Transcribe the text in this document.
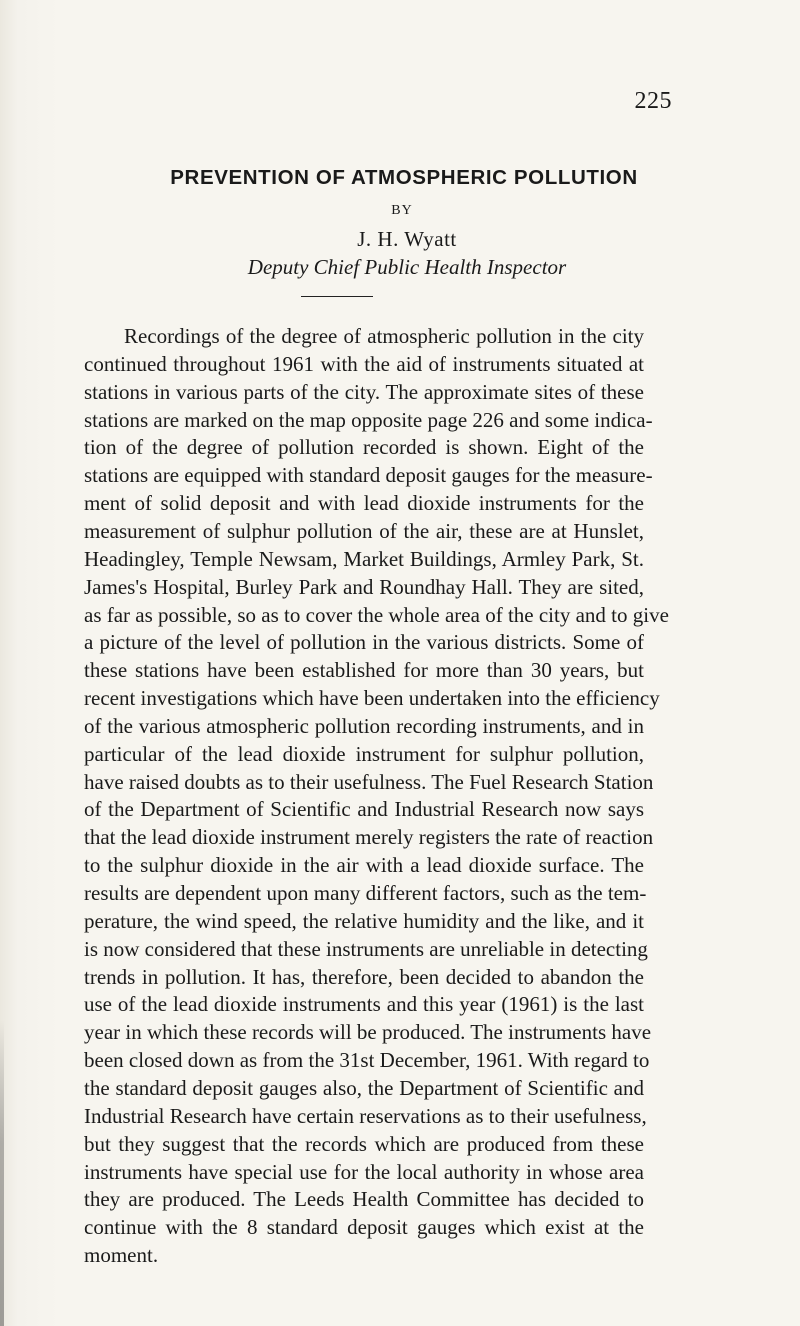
225
PREVENTION OF ATMOSPHERIC POLLUTION
BY
J. H. Wyatt
Deputy Chief Public Health Inspector
Recordings of the degree of atmospheric pollution in the city
continued throughout 1961 with the aid of instruments situated at
stations in various parts of the city. The approximate sites of these
stations are marked on the map opposite page 226 and some indica-
tion of the degree of pollution recorded is shown. Eight of the
stations are equipped with standard deposit gauges for the measure-
ment of solid deposit and with lead dioxide instruments for the
measurement of sulphur pollution of the air, these are at Hunslet,
Headingley, Temple Newsam, Market Buildings, Armley Park, St.
James's Hospital, Burley Park and Roundhay Hall. They are sited,
as far as possible, so as to cover the whole area of the city and to give
a picture of the level of pollution in the various districts. Some of
these stations have been established for more than 30 years, but
recent investigations which have been undertaken into the efficiency
of the various atmospheric pollution recording instruments, and in
particular of the lead dioxide instrument for sulphur pollution,
have raised doubts as to their usefulness. The Fuel Research Station
of the Department of Scientific and Industrial Research now says
that the lead dioxide instrument merely registers the rate of reaction
to the sulphur dioxide in the air with a lead dioxide surface. The
results are dependent upon many different factors, such as the tem-
perature, the wind speed, the relative humidity and the like, and it
is now considered that these instruments are unreliable in detecting
trends in pollution. It has, therefore, been decided to abandon the
use of the lead dioxide instruments and this year (1961) is the last
year in which these records will be produced. The instruments have
been closed down as from the 31st December, 1961. With regard to
the standard deposit gauges also, the Department of Scientific and
Industrial Research have certain reservations as to their usefulness,
but they suggest that the records which are produced from these
instruments have special use for the local authority in whose area
they are produced. The Leeds Health Committee has decided to
continue with the 8 standard deposit gauges which exist at the
moment.
